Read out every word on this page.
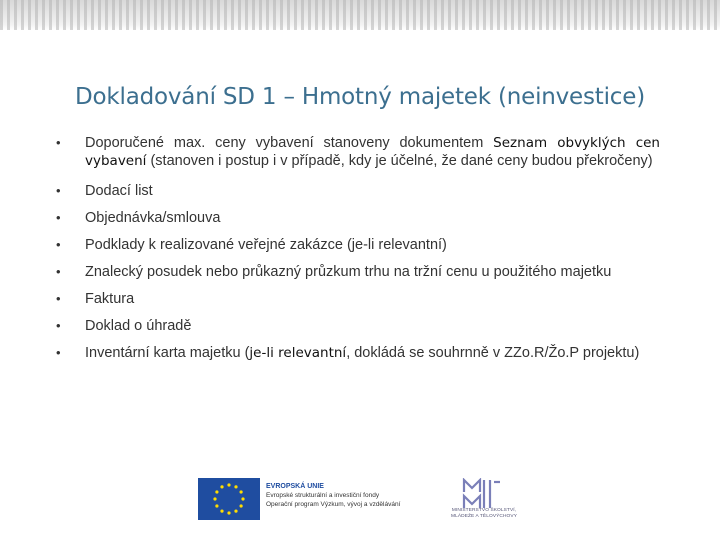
Dokladování SD 1 – Hmotný majetek (neinvestice)
• Doporučené max. ceny vybavení stanoveny dokumentem Seznam obvyklých cen vybavení (stanoven i postup i v případě, kdy je účelné, že dané ceny budou překročeny)
• Dodací list
• Objednávka/smlouva
• Podklady k realizované veřejné zakázce (je-li relevantní)
• Znalecký posudek nebo průkazný průzkum trhu na tržní cenu u použitého majetku
• Faktura
• Doklad o úhradě
• Inventární karta majetku (je-li relevantní, dokládá se souhrnně v ZZo.R/Žo.P projektu)
EVROPSKÁ UNIE
Evropské strukturální a investiční fondy
Operační program Výzkum, vývoj a vzdělávání
MINISTERSTVO ŠKOLSTVÍ,
MLÁDEŽE A TĚLOVÝCHOVY
